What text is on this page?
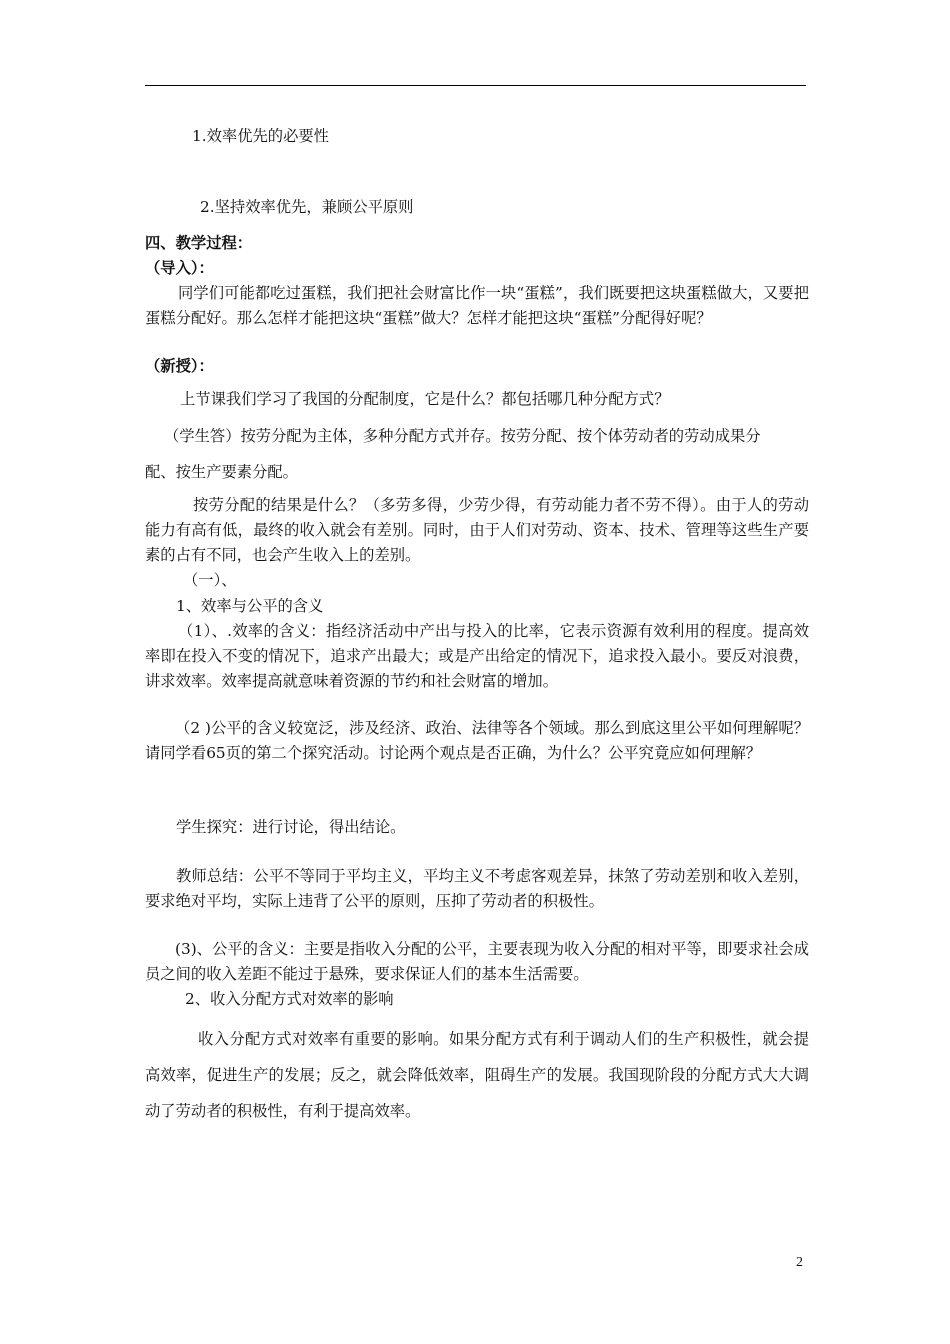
1.效率优先的必要性
2.坚持效率优先，兼顾公平原则
四、教学过程：
（导入）：
同学们可能都吃过蛋糕，我们把社会财富比作一块“蛋糕”，我们既要把这块蛋糕做大，又要把蛋糕分配好。那么怎样才能把这块“蛋糕”做大？怎样才能把这块“蛋糕”分配得好呢？
（新授）：
上节课我们学习了我国的分配制度，它是什么？都包括哪几种分配方式？
（学生答）按劳分配为主体，多种分配方式并存。按劳分配、按个体劳动者的劳动成果分
配、按生产要素分配。
按劳分配的结果是什么？（多劳多得，少劳少得，有劳动能力者不劳不得）。由于人的劳动能力有高有低，最终的收入就会有差别。同时，由于人们对劳动、资本、技术、管理等这些生产要素的占有不同，也会产生收入上的差别。
（一）、
1、效率与公平的含义
（1）、.效率的含义：指经济活动中产出与投入的比率，它表示资源有效利用的程度。提高效率即在投入不变的情况下，追求产出最大；或是产出给定的情况下，追求投入最小。要反对浪费，讲求效率。效率提高就意味着资源的节约和社会财富的增加。
（2 )公平的含义较宽泛，涉及经济、政治、法律等各个领域。那么到底这里公平如何理解呢？请同学看65页的第二个探究活动。讨论两个观点是否正确，为什么？公平究竟应如何理解？
学生探究：进行讨论，得出结论。
教师总结：公平不等同于平均主义，平均主义不考虑客观差异，抹煞了劳动差别和收入差别，要求绝对平均，实际上违背了公平的原则，压抑了劳动者的积极性。
(3)、公平的含义：主要是指收入分配的公平，主要表现为收入分配的相对平等，即要求社会成员之间的收入差距不能过于悬殊，要求保证人们的基本生活需要。
2、收入分配方式对效率的影响
收入分配方式对效率有重要的影响。如果分配方式有利于调动人们的生产积极性，就会提高效率，促进生产的发展；反之，就会降低效率，阻碍生产的发展。我国现阶段的分配方式大大调动了劳动者的积极性，有利于提高效率。
2
